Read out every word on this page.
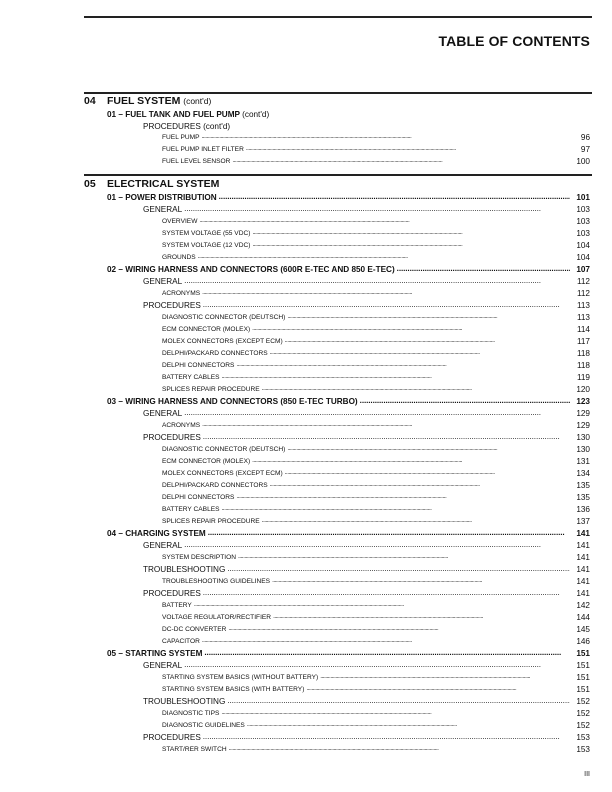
TABLE OF CONTENTS
04 FUEL SYSTEM (cont'd)
01 – FUEL TANK AND FUEL PUMP (cont'd)
PROCEDURES (cont'd)
FUEL PUMP . . .	96
FUEL PUMP INLET FILTER . . .	97
FUEL LEVEL SENSOR . . .	100
05 ELECTRICAL SYSTEM
01 – POWER DISTRIBUTION . . .	101
GENERAL . . .	103
OVERVIEW . . .	103
SYSTEM VOLTAGE (55 VDC) . . .	103
SYSTEM VOLTAGE (12 VDC) . . .	104
GROUNDS . . .	104
02 – WIRING HARNESS AND CONNECTORS (600R E-TEC AND 850 E-TEC) . . .	107
GENERAL . . .	112
ACRONYMS . . .	112
PROCEDURES . . .	113
DIAGNOSTIC CONNECTOR (DEUTSCH) . . .	113
ECM CONNECTOR (MOLEX) . . .	114
MOLEX CONNECTORS (EXCEPT ECM) . . .	117
DELPHI/PACKARD CONNECTORS . . .	118
DELPHI CONNECTORS . . .	118
BATTERY CABLES . . .	119
SPLICES REPAIR PROCEDURE . . .	120
03 – WIRING HARNESS AND CONNECTORS (850 E-TEC TURBO) . . .	123
GENERAL . . .	129
ACRONYMS . . .	129
PROCEDURES . . .	130
DIAGNOSTIC CONNECTOR (DEUTSCH) . . .	130
ECM CONNECTOR (MOLEX) . . .	131
MOLEX CONNECTORS (EXCEPT ECM) . . .	134
DELPHI/PACKARD CONNECTORS . . .	135
DELPHI CONNECTORS . . .	135
BATTERY CABLES . . .	136
SPLICES REPAIR PROCEDURE . . .	137
04 – CHARGING SYSTEM . . .	141
GENERAL . . .	141
SYSTEM DESCRIPTION . . .	141
TROUBLESHOOTING . . .	141
TROUBLESHOOTING GUIDELINES . . .	141
PROCEDURES . . .	141
BATTERY . . .	142
VOLTAGE REGULATOR/RECTIFIER . . .	144
DC-DC CONVERTER . . .	145
CAPACITOR . . .	146
05 – STARTING SYSTEM . . .	151
GENERAL . . .	151
STARTING SYSTEM BASICS (WITHOUT BATTERY) . . .	151
STARTING SYSTEM BASICS (WITH BATTERY) . . .	151
TROUBLESHOOTING . . .	152
DIAGNOSTIC TIPS . . .	152
DIAGNOSTIC GUIDELINES . . .	152
PROCEDURES . . .	153
START/RER SWITCH . . .	153
III
